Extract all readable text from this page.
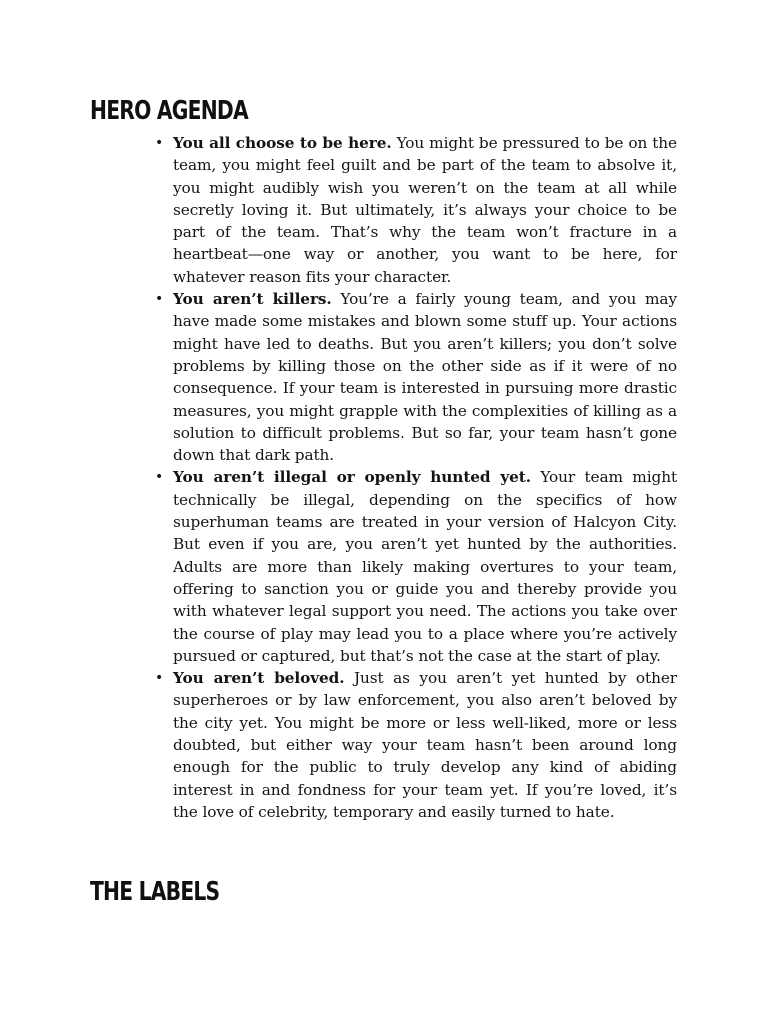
HERO AGENDA
• You all choose to be here. You might be pressured to be on the team, you might feel guilt and be part of the team to absolve it, you might audibly wish you weren’t on the team at all while secretly loving it. But ultimately, it’s always your choice to be part of the team. That’s why the team won’t fracture in a heartbeat—one way or another, you want to be here, for whatever reason fits your character.
• You aren’t killers. You’re a fairly young team, and you may have made some mistakes and blown some stuff up. Your actions might have led to deaths. But you aren’t killers; you don’t solve problems by killing those on the other side as if it were of no consequence. If your team is interested in pursuing more drastic measures, you might grapple with the complexities of killing as a solution to difficult problems. But so far, your team hasn’t gone down that dark path.
• You aren’t illegal or openly hunted yet. Your team might technically be illegal, depending on the specifics of how superhuman teams are treated in your version of Halcyon City. But even if you are, you aren’t yet hunted by the authorities. Adults are more than likely making overtures to your team, offering to sanction you or guide you and thereby provide you with whatever legal support you need. The actions you take over the course of play may lead you to a place where you’re actively pursued or captured, but that’s not the case at the start of play.
• You aren’t beloved. Just as you aren’t yet hunted by other superheroes or by law enforcement, you also aren’t beloved by the city yet. You might be more or less well-liked, more or less doubted, but either way your team hasn’t been around long enough for the public to truly develop any kind of abiding interest in and fondness for your team yet. If you’re loved, it’s the love of celebrity, temporary and easily turned to hate.
THE LABELS
